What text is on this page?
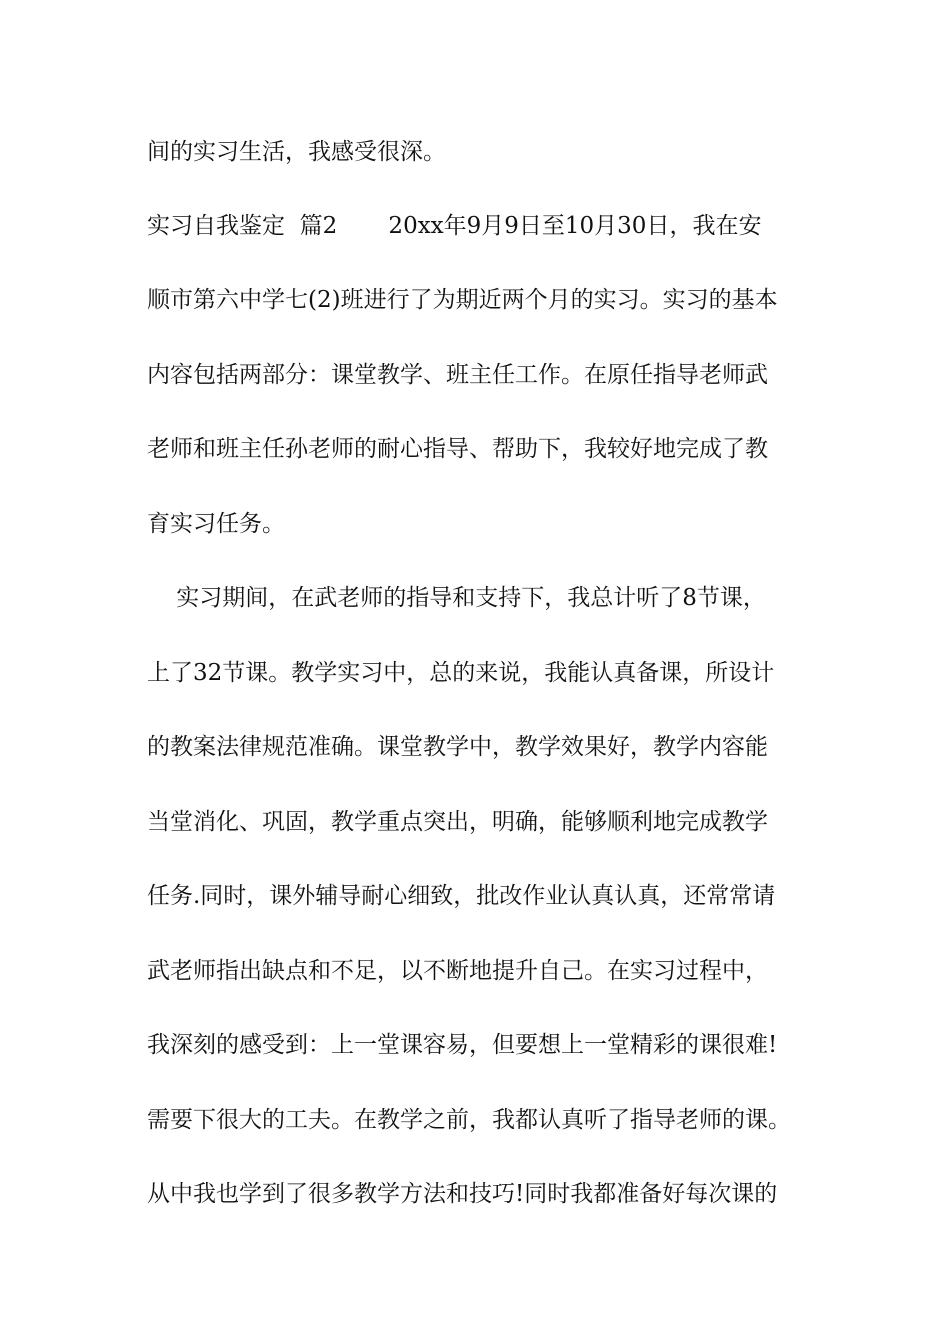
间的实习生活，我感受很深。
实习自我鉴定  篇2       20xx年9月9日至10月30日，我在安
顺市第六中学七(2)班进行了为期近两个月的实习。实习的基本
内容包括两部分：课堂教学、班主任工作。在原任指导老师武
老师和班主任孙老师的耐心指导、帮助下，我较好地完成了教
育实习任务。
实习期间，在武老师的指导和支持下，我总计听了8节课，
上了32节课。教学实习中，总的来说，我能认真备课，所设计
的教案法律规范准确。课堂教学中，教学效果好，教学内容能
当堂消化、巩固，教学重点突出，明确，能够顺利地完成教学
任务.同时，课外辅导耐心细致，批改作业认真认真，还常常请
武老师指出缺点和不足，以不断地提升自己。在实习过程中，
我深刻的感受到：上一堂课容易，但要想上一堂精彩的课很难!
需要下很大的工夫。在教学之前，我都认真听了指导老师的课。
从中我也学到了很多教学方法和技巧!同时我都准备好每次课的
